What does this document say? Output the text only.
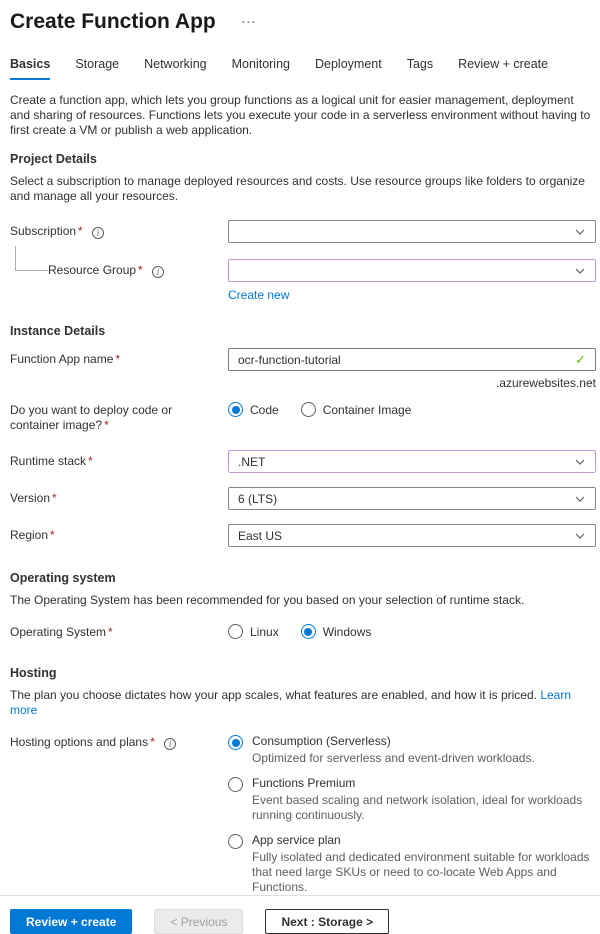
Create Function App ···
Basics Storage Networking Monitoring Deployment Tags Review + create
Create a function app, which lets you group functions as a logical unit for easier management, deployment and sharing of resources. Functions lets you execute your code in a serverless environment without having to first create a VM or publish a web application.
Project Details
Select a subscription to manage deployed resources and costs. Use resource groups like folders to organize and manage all your resources.
Subscription * i
Resource Group * i
Create new
Instance Details
Function App name *
ocr-function-tutorial	✓
.azurewebsites.net
Do you want to deploy code or container image? *
Code	Container Image
Runtime stack *	.NET
Version *	6 (LTS)
Region *	East US
Operating system
The Operating System has been recommended for you based on your selection of runtime stack.
Operating System *	Linux	Windows
Hosting
The plan you choose dictates how your app scales, what features are enabled, and how it is priced. Learn more
Hosting options and plans * i	Consumption (Serverless)
Optimized for serverless and event-driven workloads.
Functions Premium
Event based scaling and network isolation, ideal for workloads running continuously.
App service plan
Fully isolated and dedicated environment suitable for workloads that need large SKUs or need to co-locate Web Apps and Functions.
Review + create	< Previous	Next : Storage >
